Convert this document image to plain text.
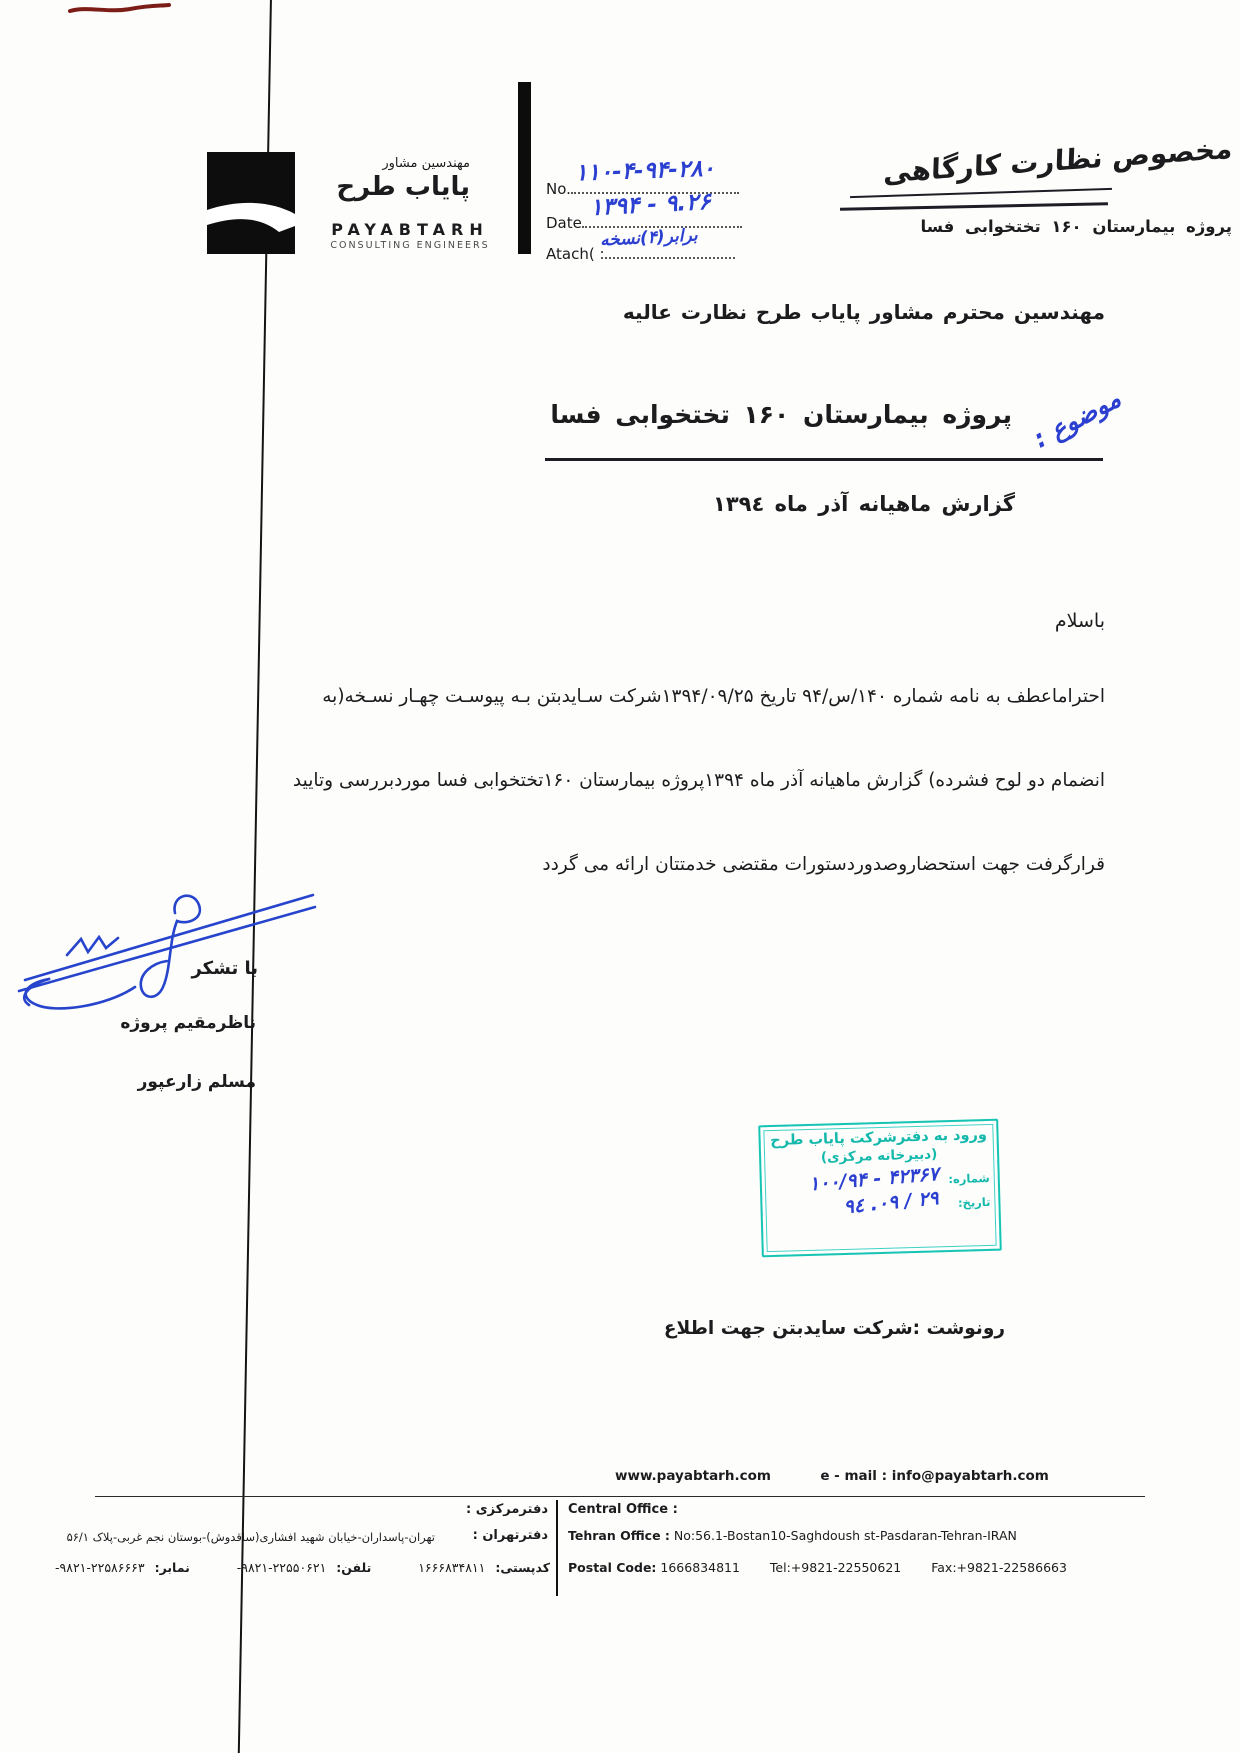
مهندسین مشاور
پایاب طرح
PAYABTARH
CONSULTING ENGINEERS
No.
۱۱۰-۴-۹۴-۲۸۰
Date
۱۳۹۴ - ۹.۲۶
Atach( :
برابر(۴)نسخه
مخصوص نظارت کارگاهی
پروژه بیمارستان ۱۶۰ تختخوابی فسا
مهندسین محترم مشاور پایاب طرح نظارت عالیه
پروژه بیمارستان ۱۶۰ تختخوابی فسا موضوع :
گزارش ماهیانه آذر ماه ۱۳۹٤
باسلام
احتراماعطف به نامه شماره ۱۴۰/س/۹۴ تاریخ ۱۳۹۴/۰۹/۲۵شرکت سـایدبتن بـه پیوسـت چهـار نسـخه(به
انضمام دو لوح فشرده) گزارش ماهیانه آذر ماه ۱۳۹۴پروژه بیمارستان ۱۶۰تختخوابی فسا موردبررسی وتایید
قرارگرفت جهت استحضاروصدوردستورات مقتضی خدمتتان ارائه می گردد
با تشکر
ناظرمقیم پروژه
مسلم زارعپور
ورود به دفترشرکت پایاب طرح
(دبیرخانه مرکزی)
شماره: ۱۰۰/۹۴ - ۴۲۳۶۷
تاریخ: ۹٤ .۰۹ / ۲۹
رونوشت :شرکت سایدبتن جهت اطلاع
www.payabtarh.com	e - mail : info@payabtarh.com
دفترمرکزی :
دفترتهران :
تهران-پاسداران-خیابان شهید افشاری(ساقدوش)-بوستان نجم غربی-پلاک ۵۶/۱
کدپستی: ۱۶۶۶۸۳۴۸۱۱
تلفن: -۹۸۲۱-۲۲۵۵۰۶۲۱
نمابر: -۹۸۲۱-۲۲۵۸۶۶۶۳
Central Office :
Tehran Office : No:56.1-Bostan10-Saghdoush st-Pasdaran-Tehran-IRAN
Postal Code: 1666834811 Tel:+9821-22550621 Fax:+9821-22586663
